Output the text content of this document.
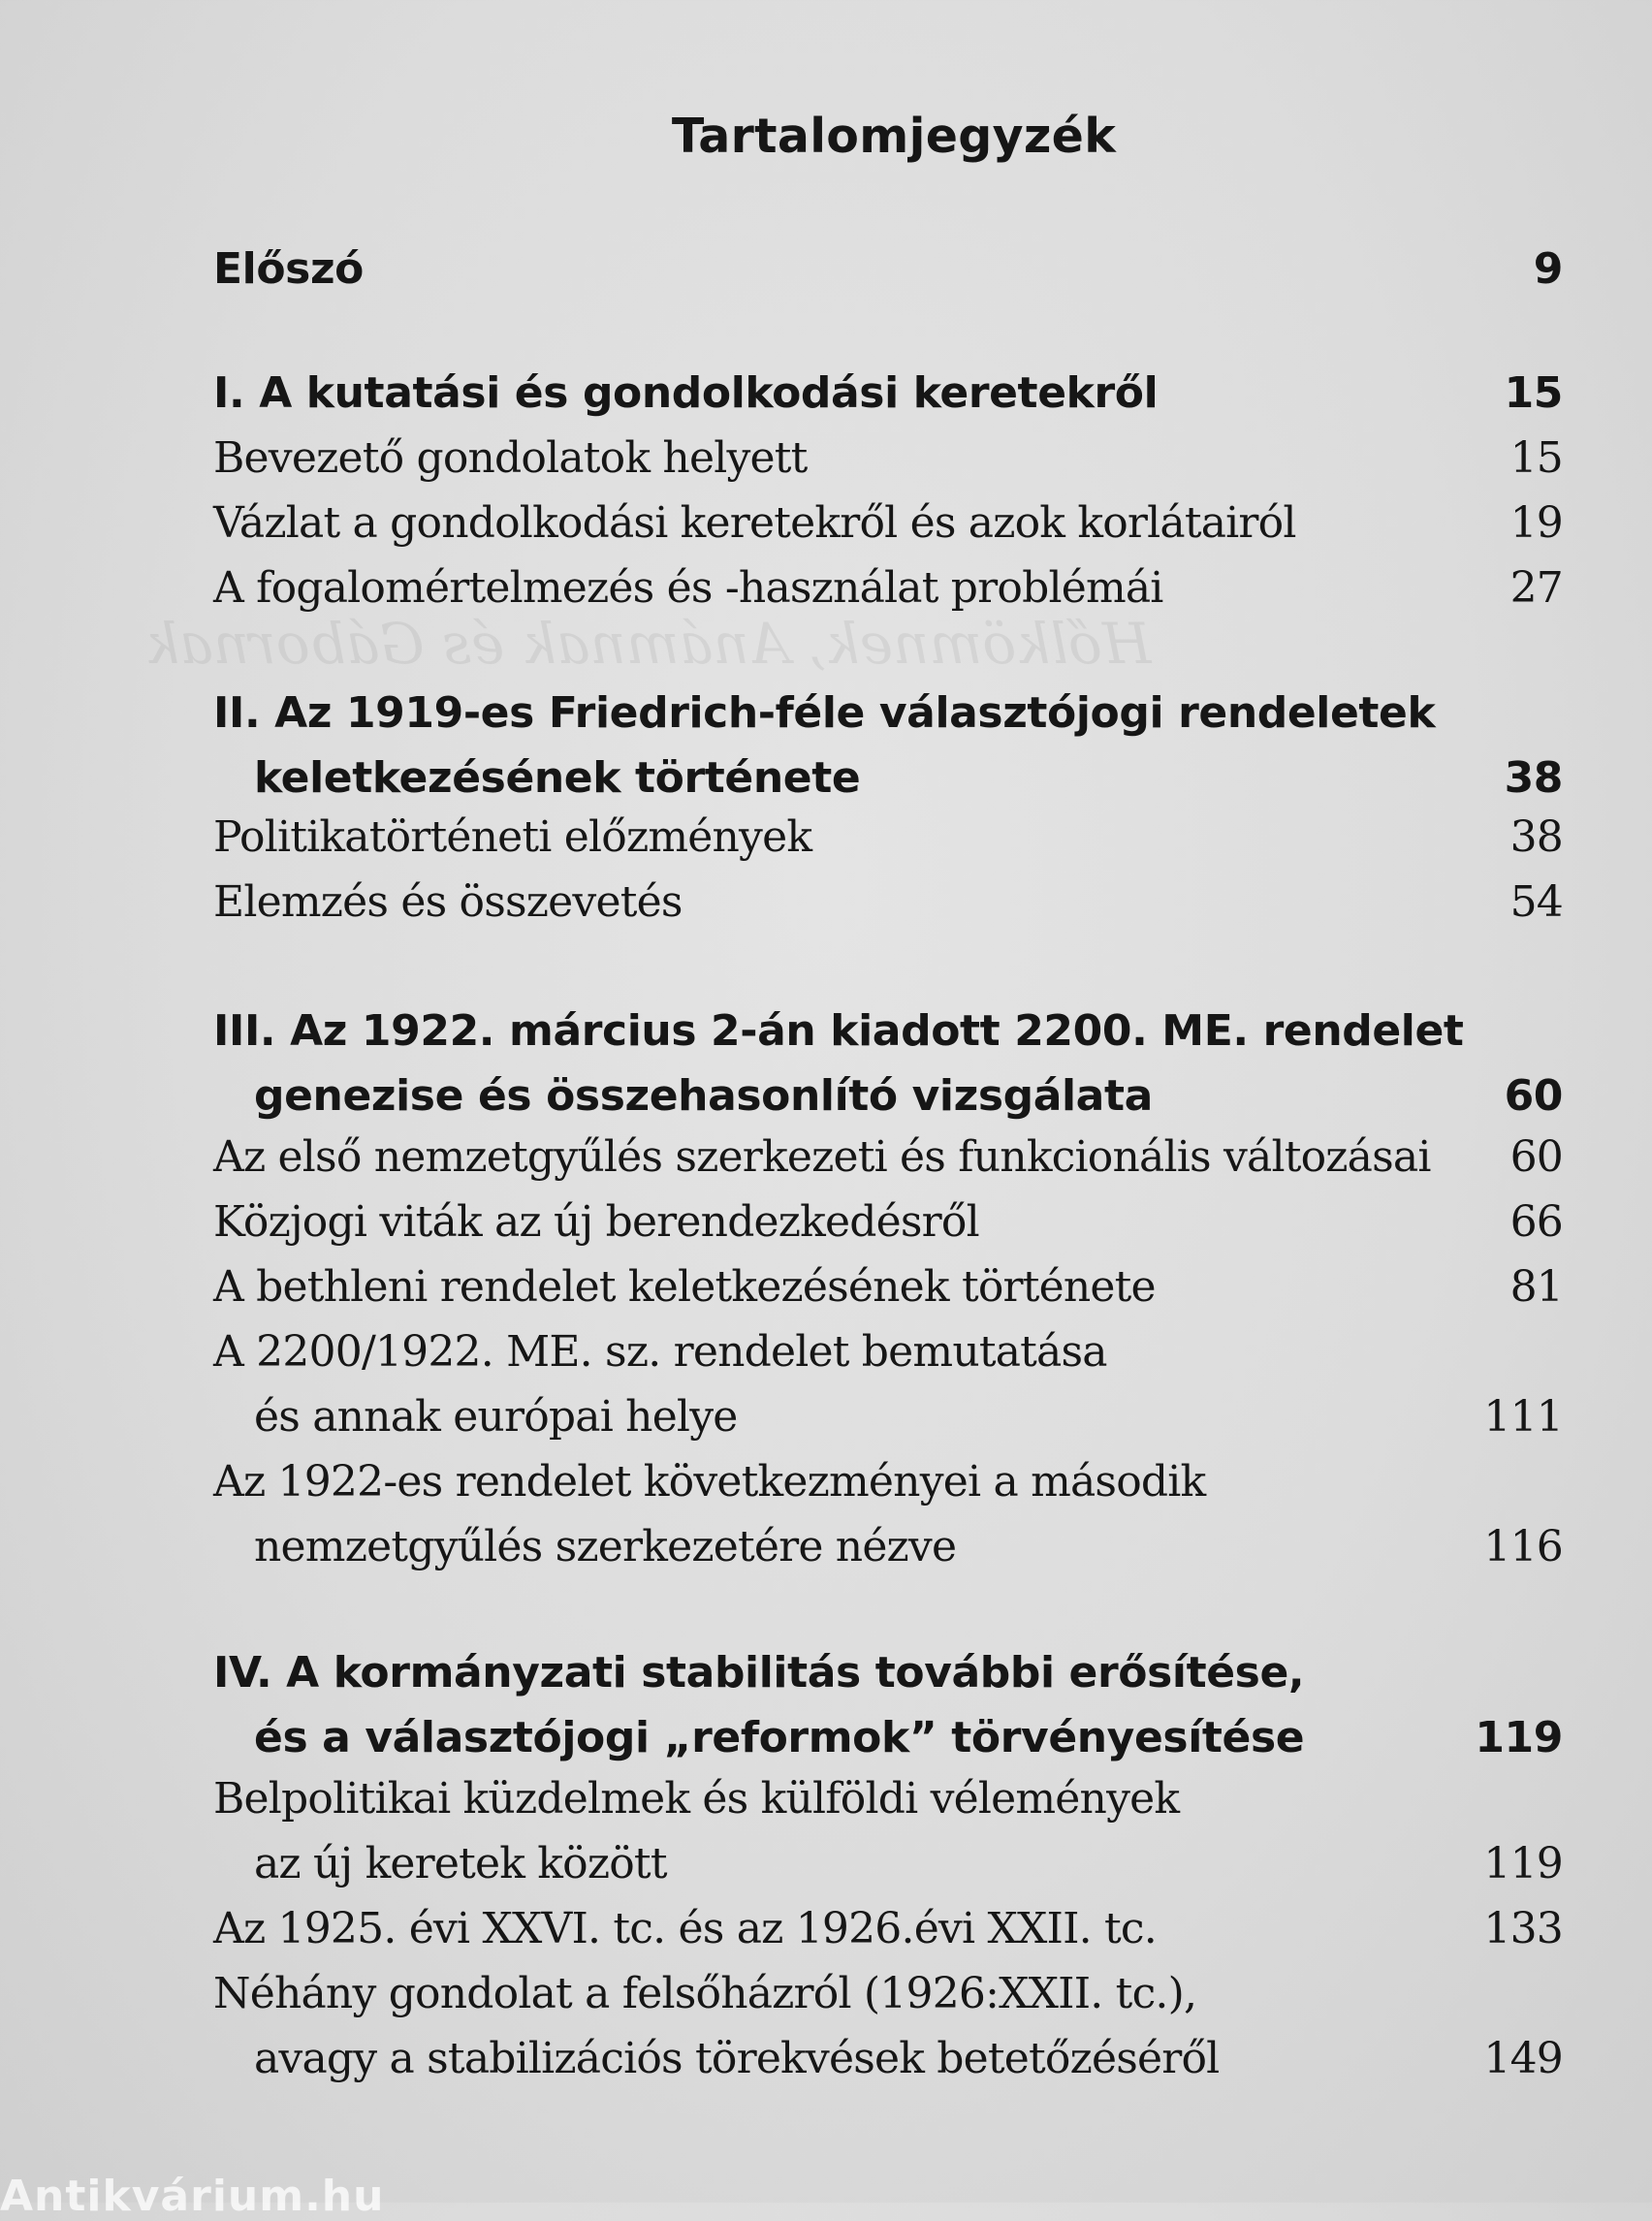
Hőlkömnek, Anámnak és Gábornak
Tartalomjegyzék
Előszó	9
I. A kutatási és gondolkodási keretekről	15
Bevezető gondolatok helyett	15
Vázlat a gondolkodási keretekről és azok korlátairól	19
A fogalomértelmezés és -használat problémái	27
II. Az 1919-es Friedrich-féle választójogi rendeletek
keletkezésének története	38
Politikatörténeti előzmények	38
Elemzés és összevetés	54
III. Az 1922. március 2-án kiadott 2200. ME. rendelet
genezise és összehasonlító vizsgálata	60
Az első nemzetgyűlés szerkezeti és funkcionális változásai 60
Közjogi viták az új berendezkedésről	66
A bethleni rendelet keletkezésének története	81
A 2200/1922. ME. sz. rendelet bemutatása
és annak európai helye	111
Az 1922-es rendelet következményei a második
nemzetgyűlés szerkezetére nézve	116
IV. A kormányzati stabilitás további erősítése,
és a választójogi „reformok” törvényesítése	119
Belpolitikai küzdelmek és külföldi vélemények
az új keretek között	119
Az 1925. évi XXVI. tc. és az 1926.évi XXII. tc.	133
Néhány gondolat a felsőházról (1926:XXII. tc.),
avagy a stabilizációs törekvések betetőzéséről	149
Antikvárium.hu
